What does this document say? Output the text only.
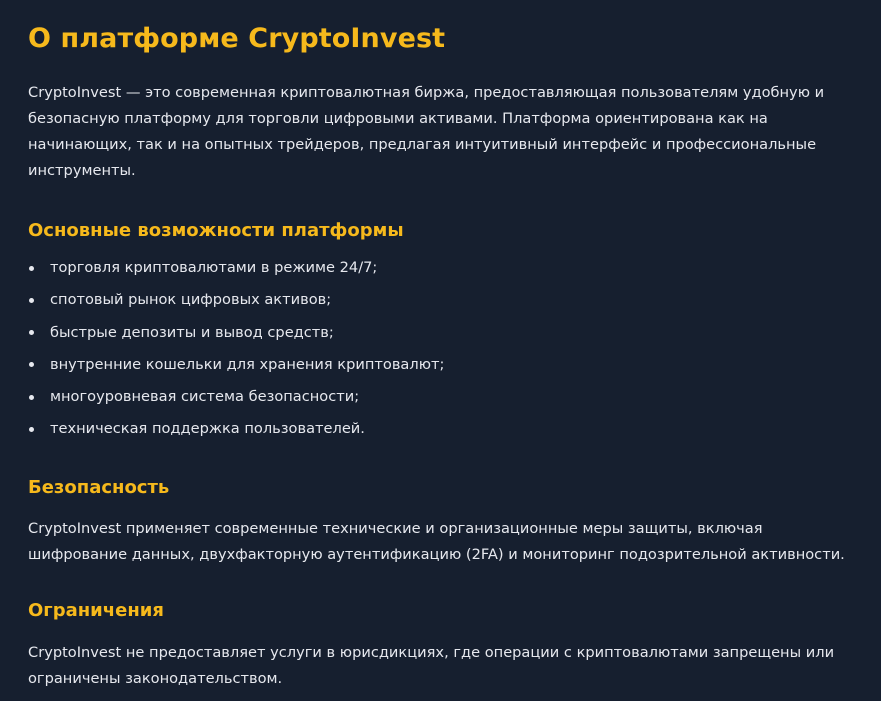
О платформе CryptoInvest

CryptoInvest — это современная криптовалютная биржа, предоставляющая пользователям удобную и безопасную платформу для торговли цифровыми активами. Платформа ориентирована как на начинающих, так и на опытных трейдеров, предлагая интуитивный интерфейс и профессиональные инструменты.

Основные возможности платформы
торговля криптовалютами в режиме 24/7;
спотовый рынок цифровых активов;
быстрые депозиты и вывод средств;
внутренние кошельки для хранения криптовалют;
многоуровневая система безопасности;
техническая поддержка пользователей.
Безопасность

CryptoInvest применяет современные технические и организационные меры защиты, включая шифрование данных, двухфакторную аутентификацию (2FA) и мониторинг подозрительной активности.

Ограничения

CryptoInvest не предоставляет услуги в юрисдикциях, где операции с криптовалютами запрещены или ограничены законодательством.
